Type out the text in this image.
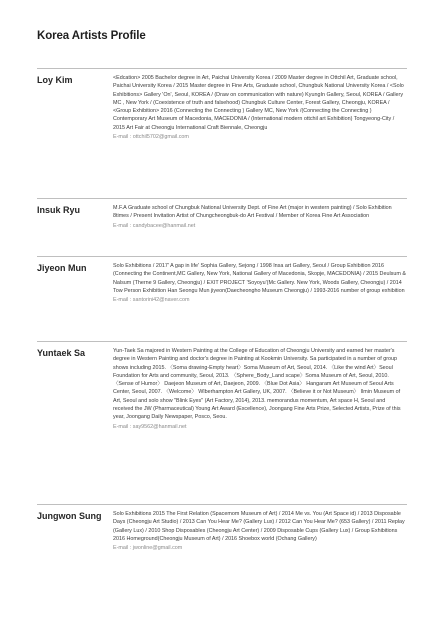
Korea Artists Profile
Loy Kim	<Edcation> 2005 Bachelor degree in Art, Paichai University Korea / 2009 Master degree in Ottchil Art, Graduate school, Paichai University Korea / 2015 Master degree in Fine Arts, Graduate school, Chungbuk National University Korea / <Solo Exhibitions> Gallery 'On', Seoul, KOREA / (Draw on communication with nature) KyungIn Gallery, Seoul, KOREA / Gallery MC , New York / (Coexistence of truth and falsehood) Chungbuk Culture Center, Forest Gallery, Cheongju, KOREA / <Group Exhibition> 2016 (Connecting the Connecting ) Gallery MC, New York /(Connecting the Connecting ) Contemporary Art Museum of Macedonia, MACEDONIA / (International modern ottchil art Exhibition) Tongyeong-City / 2015 Art Fair at Cheongju International Craft Biennale, Cheongju

E-mail : ottchil5702@gmail.com
Insuk Ryu	M.F.A Graduate school of Chungbuk National University Dept. of Fine Art (major in western painting) / Solo Exhibition 8times / Present Invitation Artist of Chungcheongbuk-do Art Festival / Member of Korea Fine Art Association

E-mail : candybacee@hanmail.net
Jiyeon Mun	Solo Exhibitions / 2017' A gap in life' Sophia Gallery, Sejong / 1998 Insa art Gallery, Seoul / Group Exhibition 2016 (Connecting the Continent,MC Gallery, New York, National Gallery of Macedonia, Skopje, MACEDONIA) / 2015 Deulsum & Nalsum (Therne 9 Gallery, Cheongju) / EXIT PROJECT 'Soyoyu'(Mc Gallery. New York, Woods Gallery, Cheongju) / 2014 Tow Person Exhibition Han Seongu Mun jiyeon(Daecheongho Museum Cheongju) / 1993-2016 number of group exhibition

E-mail : santorini42@naver.com
Yuntaek Sa	Yun-Taek Sa majored in Western Painting at the College of Education of Cheongju University and earned her master's degree in Western Painting and doctor's degree in Painting at Kookmin University. Sa participated in a number of group shows including 2015. 〈Soma drawing-Empty heart〉Soma Museum of Art, Seoul, 2014. 〈Like the wind Art〉Seoul Foundation for Arts and community, Seoul, 2013. 〈Sphere_Body_Land scape〉Soma Museum of Art, Seoul, 2010. 〈Sense of Humor〉 Daejeon Museum of Art, Daejeon, 2009. 〈Blue Dot Asia〉 Hangaram Art Museum of Seoul Arts Center, Seoul, 2007. 〈Welcome〉 Wlberhampton Art Gallery, UK, 2007. 〈Believe it or Not Museum〉 Ilmin Museum of Art, Seoul and solo show "Blink Eyes" (Art Factory, 2014), 2013. memorandus momentum, Art space H, Seoul and received the JW (Pharmaceutical) Young Art Award (Excellence), Joongang Fine Arts Prize, Selected Artists, Prize of this year, Joongang Daily Newspaper, Posco, Seou.

E-mail : say9562@hanmail.net
Jungwon Sung	Solo Exhibitions 2015 The First Relation (Spacemom Museum of Art) / 2014 Me vs. You (Art Space id) / 2013 Disposable Days (Cheongju Art Studio) / 2013 Can You Hear Me? (Gallery Lux) / 2012 Can You Hear Me? (653 Gallery) / 2011 Replay (Gallery Lux) / 2010 Shop Disposables (Cheongju Art Center) / 2009 Disposable Cups (Gallery Lux) / Group Exhibitions 2016 Homeground(Cheongju Museum of Art) / 2016 Shoebox world (Ochang Gallery)

E-mail : jwonline@gmail.com
